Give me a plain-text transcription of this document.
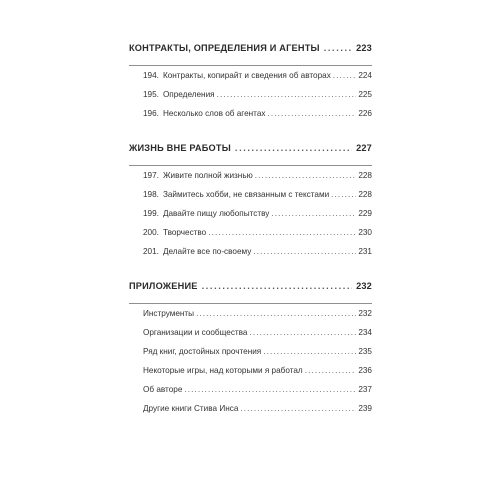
КОНТРАКТЫ, ОПРЕДЕЛЕНИЯ И АГЕНТЫ .....	223
194. Контракты, копирайт и сведения об авторах .....	224
195. Определения .....	225
196. Несколько слов об агентах .....	226
ЖИЗНЬ ВНЕ РАБОТЫ .....	227
197. Живите полной жизнью .....	228
198. Займитесь хобби, не связанным с текстами .....	228
199. Давайте пищу любопытству .....	229
200. Творчество .....	230
201. Делайте все по-своему .....	231
ПРИЛОЖЕНИЕ .....	232
Инструменты .....	232
Организации и сообщества .....	234
Ряд книг, достойных прочтения .....	235
Некоторые игры, над которыми я работал .....	236
Об авторе .....	237
Другие книги Стива Инса .....	239
